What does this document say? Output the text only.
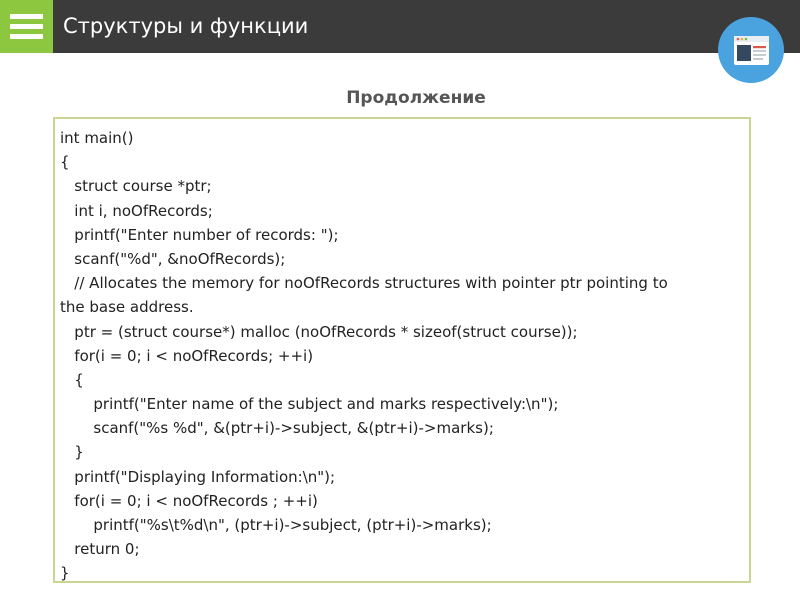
Структуры и функции
Продолжение
int main()
{
struct course *ptr;
int i, noOfRecords;
printf("Enter number of records: ");
scanf("%d", &noOfRecords);
// Allocates the memory for noOfRecords structures with pointer ptr pointing to
the base address.
ptr = (struct course*) malloc (noOfRecords * sizeof(struct course));
for(i = 0; i < noOfRecords; ++i)
{
printf("Enter name of the subject and marks respectively:\n");
scanf("%s %d", &(ptr+i)->subject, &(ptr+i)->marks);
}
printf("Displaying Information:\n");
for(i = 0; i < noOfRecords ; ++i)
printf("%s\t%d\n", (ptr+i)->subject, (ptr+i)->marks);
return 0;
}
